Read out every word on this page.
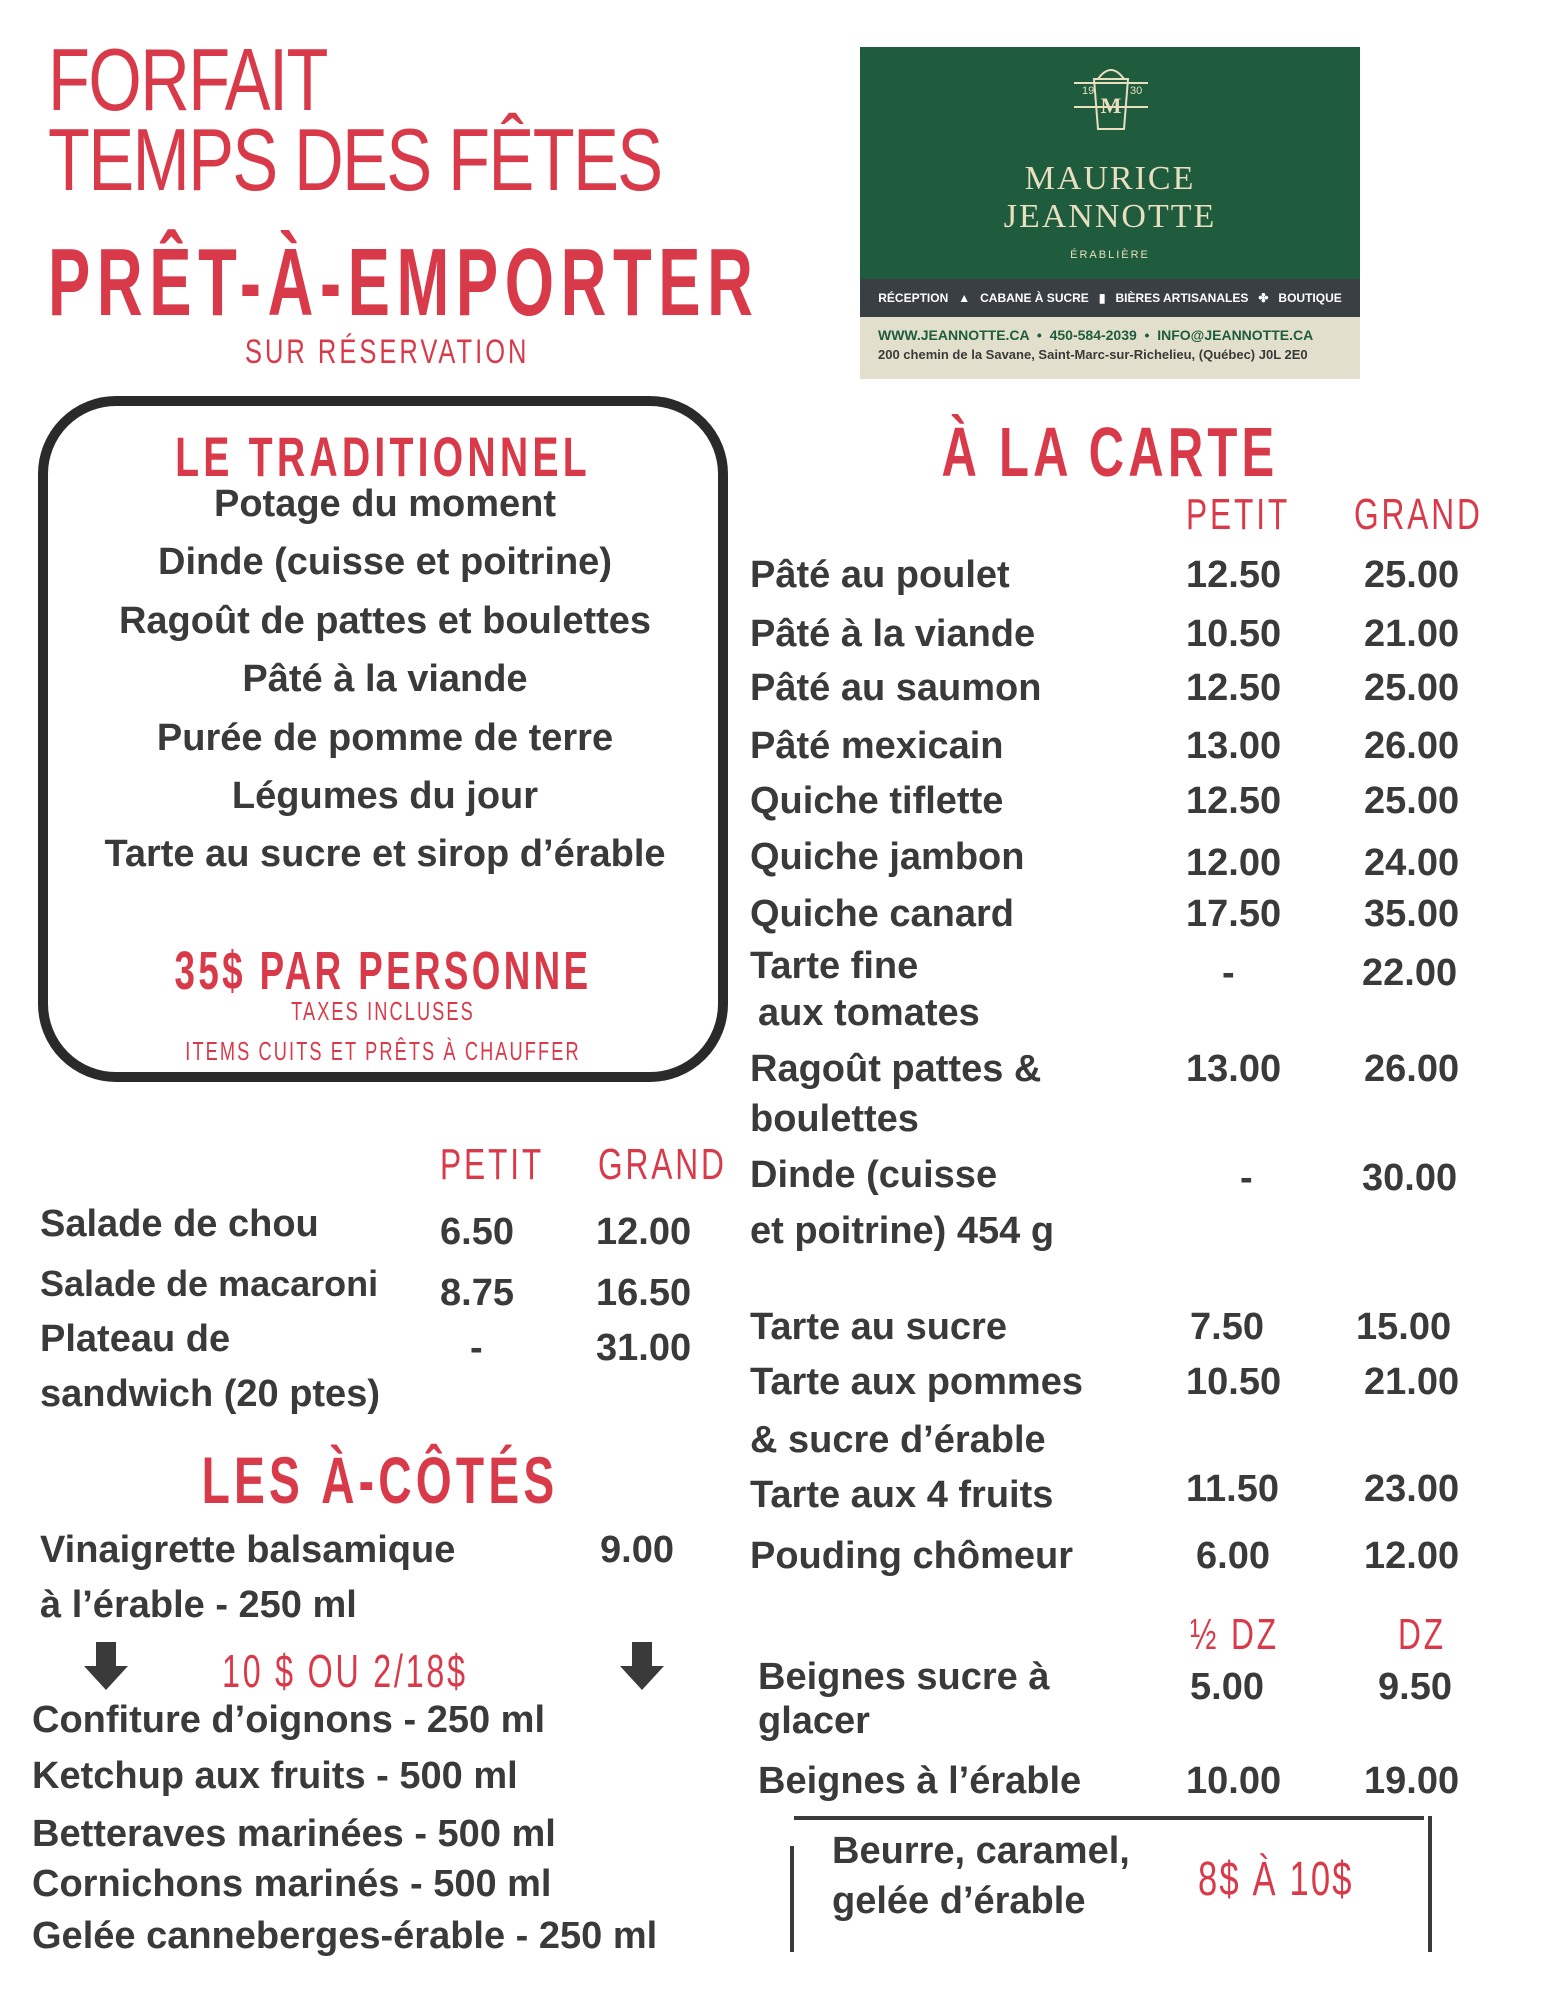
FORFAIT
TEMPS DES FÊTES
PRÊT-À-EMPORTER
SUR RÉSERVATION
19	30
M
MAURICE
JEANNOTTE
ÉRABLIÈRE
RÉCEPTION ▲ CABANE À SUCRE ▮ BIÈRES ARTISANALES ✤ BOUTIQUE
WWW.JEANNOTTE.CA  •  450-584-2039  •  INFO@JEANNOTTE.CA
200 chemin de la Savane, Saint-Marc-sur-Richelieu, (Québec) J0L 2E0
LE TRADITIONNEL
Potage du moment
Dinde (cuisse et poitrine)
Ragoût de pattes et boulettes
Pâté à la viande
Purée de pomme de terre
Légumes du jour
Tarte au sucre et sirop d’érable
35$ PAR PERSONNE
TAXES INCLUSES
ITEMS CUITS ET PRÊTS À CHAUFFER
PETIT GRAND
Salade de chou	6.50 12.00
Salade de macaroni 8.75 16.50
Plateau de
sandwich (20 ptes)
-	31.00
LES À-CÔTÉS
Vinaigrette balsamique
à l’érable - 250 ml
9.00
10 $ OU 2/18$
Confiture d’oignons - 250 ml
Ketchup aux fruits - 500 ml
Betteraves marinées - 500 ml
Cornichons marinés - 500 ml
Gelée canneberges-érable - 250 ml
À LA CARTE
PETIT GRAND
Pâté au poulet	12.50 25.00
Pâté à la viande	10.50 21.00
Pâté au saumon	12.50 25.00
Pâté mexicain	13.00 26.00
Quiche tiflette	12.50 25.00
Quiche jambon	12.00 24.00
Quiche canard	17.50 35.00
Tarte fine
aux tomates
-	22.00
Ragoût pattes &
boulettes
13.00 26.00
Dinde (cuisse
et poitrine) 454 g
-	30.00
Tarte au sucre	7.50 15.00
Tarte aux pommes
& sucre d’érable
10.50 21.00
Tarte aux 4 fruits	11.50 23.00
Pouding chômeur	6.00 12.00
½ DZ	DZ
Beignes sucre à
glacer
5.00	9.50
Beignes à l’érable	10.00 19.00
Beurre, caramel,
gelée d’érable 8$ À 10$
